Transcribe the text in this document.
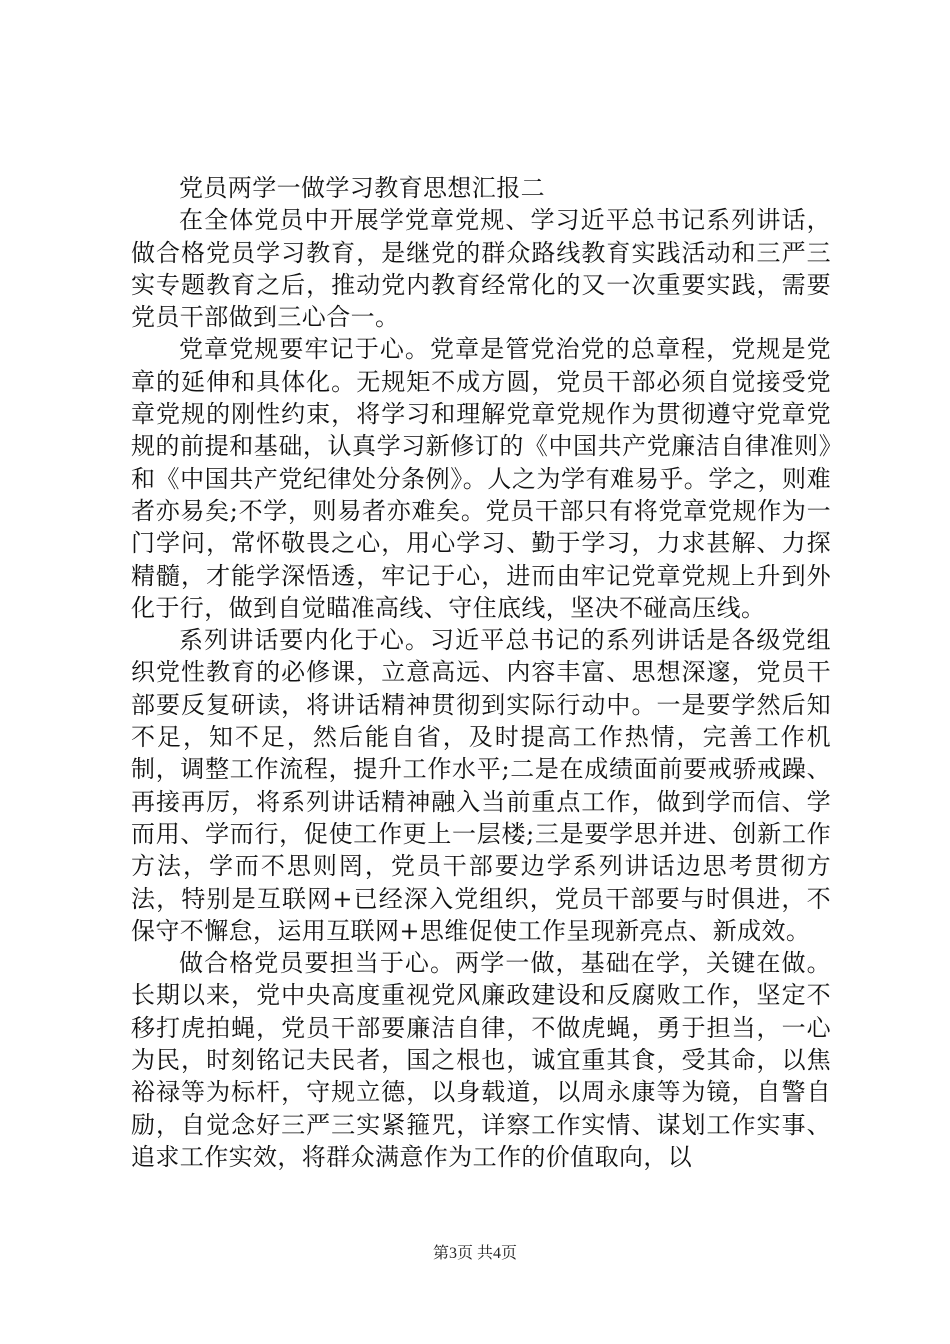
党员两学一做学习教育思想汇报二

在全体党员中开展学党章党规、学习近平总书记系列讲话，做合格党员学习教育，是继党的群众路线教育实践活动和三严三实专题教育之后，推动党内教育经常化的又一次重要实践，需要党员干部做到三心合一。

党章党规要牢记于心。党章是管党治党的总章程，党规是党章的延伸和具体化。无规矩不成方圆，党员干部必须自觉接受党章党规的刚性约束，将学习和理解党章党规作为贯彻遵守党章党规的前提和基础，认真学习新修订的《中国共产党廉洁自律准则》和《中国共产党纪律处分条例》。人之为学有难易乎。学之，则难者亦易矣;不学，则易者亦难矣。党员干部只有将党章党规作为一门学问，常怀敬畏之心，用心学习、勤于学习，力求甚解、力探精髓，才能学深悟透，牢记于心，进而由牢记党章党规上升到外化于行，做到自觉瞄准高线、守住底线，坚决不碰高压线。

系列讲话要内化于心。习近平总书记的系列讲话是各级党组织党性教育的必修课，立意高远、内容丰富、思想深邃，党员干部要反复研读，将讲话精神贯彻到实际行动中。一是要学然后知不足，知不足，然后能自省，及时提高工作热情，完善工作机制，调整工作流程，提升工作水平;二是在成绩面前要戒骄戒躁、再接再厉，将系列讲话精神融入当前重点工作，做到学而信、学而用、学而行，促使工作更上一层楼;三是要学思并进、创新工作方法，学而不思则罔，党员干部要边学系列讲话边思考贯彻方法，特别是互联网+已经深入党组织，党员干部要与时俱进，不保守不懈怠，运用互联网+思维促使工作呈现新亮点、新成效。

做合格党员要担当于心。两学一做，基础在学，关键在做。长期以来，党中央高度重视党风廉政建设和反腐败工作，坚定不移打虎拍蝇，党员干部要廉洁自律，不做虎蝇，勇于担当，一心为民，时刻铭记夫民者，国之根也，诚宜重其食，受其命，以焦裕禄等为标杆，守规立德，以身载道，以周永康等为镜，自警自励，自觉念好三严三实紧箍咒，详察工作实情、谋划工作实事、追求工作实效，将群众满意作为工作的价值取向，以

第3页 共4页
